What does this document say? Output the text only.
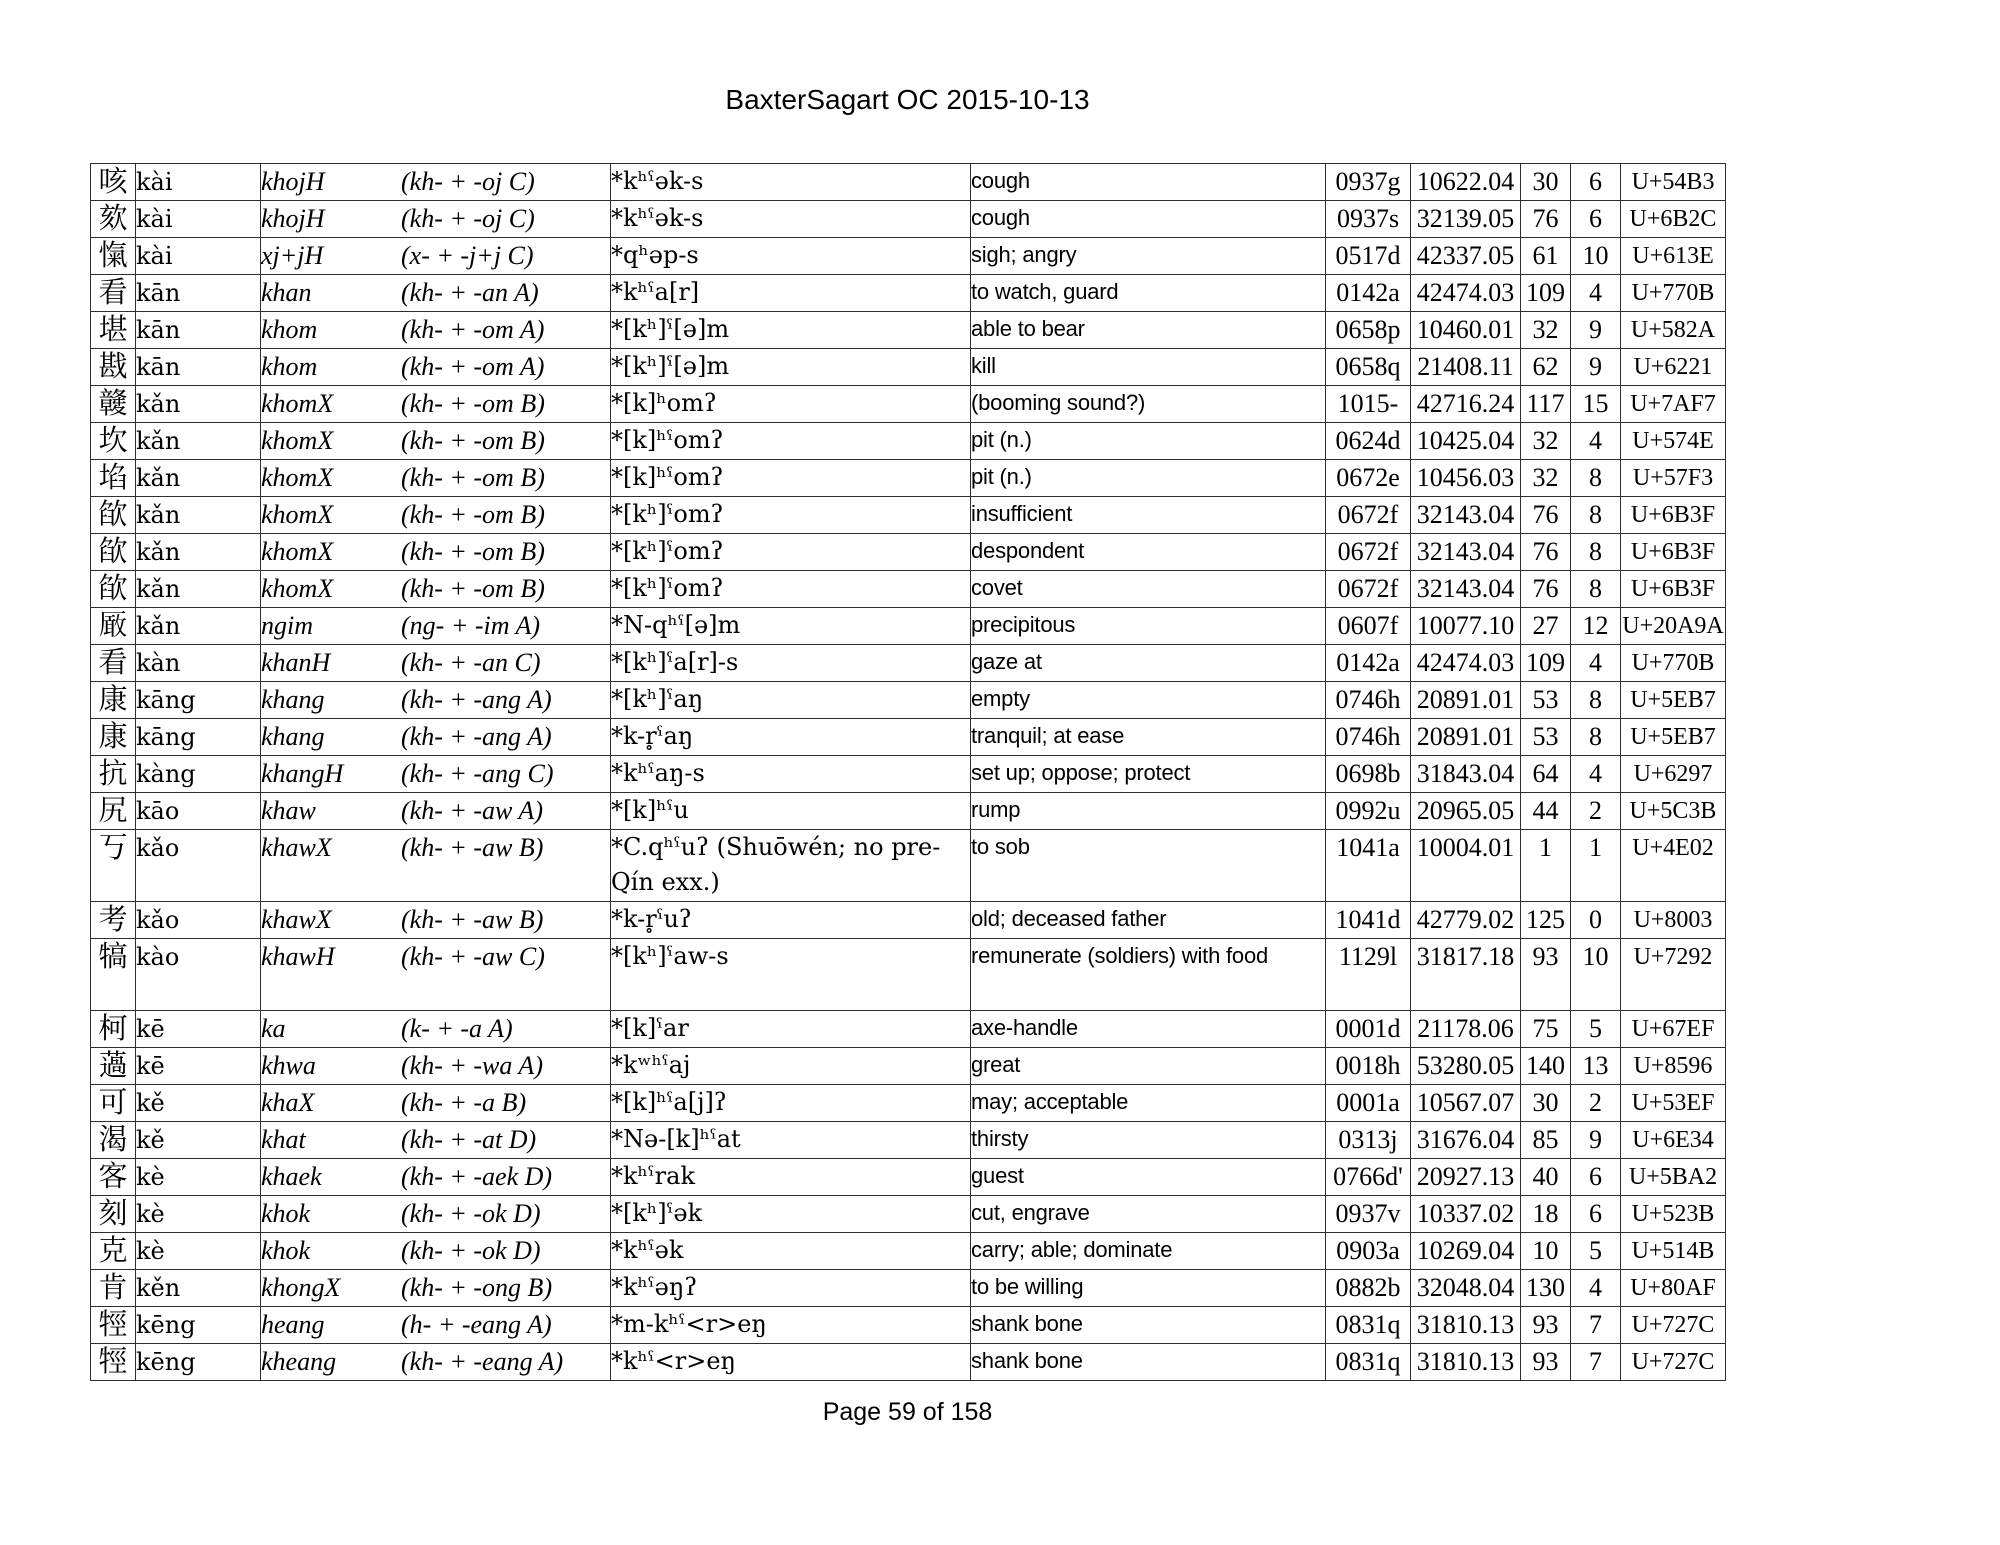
BaxterSagart OC 2015-10-13
咳	kài	khojH (kh- + -oj C)	*kʰˤək-s	cough	0937g	10622.04	30	6	U+54B3
欬	kài	khojH (kh- + -oj C)	*kʰˤək-s	cough	0937s	32139.05	76	6	U+6B2C
愾	kài	xj+jH (x- + -j+j C)	*qʰəp-s	sigh; angry	0517d	42337.05	61	10	U+613E
看	kān	khan (kh- + -an A)	*kʰˤa[r]	to watch, guard	0142a	42474.03	109	4	U+770B
堪	kān	khom (kh- + -om A)	*[kʰ]ˤ[ə]m	able to bear	0658p	10460.01	32	9	U+582A
戡	kān	khom (kh- + -om A)	*[kʰ]ˤ[ə]m	kill	0658q	21408.11	62	9	U+6221
竷	kǎn	khomX (kh- + -om B)	*[k]ʰomʔ	(booming sound?)	1015-	42716.24	117	15	U+7AF7
坎	kǎn	khomX (kh- + -om B)	*[k]ʰˤomʔ	pit (n.)	0624d	10425.04	32	4	U+574E
埳	kǎn	khomX (kh- + -om B)	*[k]ʰˤomʔ	pit (n.)	0672e	10456.03	32	8	U+57F3
欿	kǎn	khomX (kh- + -om B)	*[kʰ]ˤomʔ	insufficient	0672f	32143.04	76	8	U+6B3F
欿	kǎn	khomX (kh- + -om B)	*[kʰ]ˤomʔ	despondent	0672f	32143.04	76	8	U+6B3F
欿	kǎn	khomX (kh- + -om B)	*[kʰ]ˤomʔ	covet	0672f	32143.04	76	8	U+6B3F
𠪚	kǎn	ngim (ng- + -im A)	*N-qʰˤ[ə]m	precipitous	0607f	10077.10	27	12	U+20A9A
看	kàn	khanH (kh- + -an C)	*[kʰ]ˤa[r]-s	gaze at	0142a	42474.03	109	4	U+770B
康	kāng	khang (kh- + -ang A)	*[kʰ]ˤaŋ	empty	0746h	20891.01	53	8	U+5EB7
康	kāng	khang (kh- + -ang A)	*k-r̥ˤaŋ	tranquil; at ease	0746h	20891.01	53	8	U+5EB7
抗	kàng	khangH (kh- + -ang C)	*kʰˤaŋ-s	set up; oppose; protect	0698b	31843.04	64	4	U+6297
尻	kāo	khaw (kh- + -aw A)	*[k]ʰˤu	rump	0992u	20965.05	44	2	U+5C3B
丂	kǎo	khawX (kh- + -aw B)	*C.qʰˤuʔ (Shuōwén; no pre-Qín exx.)	to sob	1041a	10004.01	1	1	U+4E02
考	kǎo	khawX (kh- + -aw B)	*k-r̥ˤuʔ	old; deceased father	1041d	42779.02	125	0	U+8003
犒	kào	khawH (kh- + -aw C)	*[kʰ]ˤaw-s	remunerate (soldiers) with food	1129l	31817.18	93	10	U+7292
柯	kē	ka (k- + -a A)	*[k]ˤar	axe-handle	0001d	21178.06	75	5	U+67EF
薖	kē	khwa (kh- + -wa A)	*kʷʰˤaj	great	0018h	53280.05	140	13	U+8596
可	kě	khaX (kh- + -a B)	*[k]ʰˤa[j]ʔ	may; acceptable	0001a	10567.07	30	2	U+53EF
渴	kě	khat (kh- + -at D)	*Nə-[k]ʰˤat	thirsty	0313j	31676.04	85	9	U+6E34
客	kè	khaek (kh- + -aek D)	*kʰˤrak	guest	0766d'	20927.13	40	6	U+5BA2
刻	kè	khok (kh- + -ok D)	*[kʰ]ˤək	cut, engrave	0937v	10337.02	18	6	U+523B
克	kè	khok (kh- + -ok D)	*kʰˤək	carry; able; dominate	0903a	10269.04	10	5	U+514B
肯	kěn	khongX (kh- + -ong B)	*kʰˤəŋʔ	to be willing	0882b	32048.04	130	4	U+80AF
牼	kēng	heang (h- + -eang A)	*m-kʰˤ<r>eŋ	shank bone	0831q	31810.13	93	7	U+727C
牼	kēng	kheang (kh- + -eang A)	*kʰˤ<r>eŋ	shank bone	0831q	31810.13	93	7	U+727C
Page 59 of 158
